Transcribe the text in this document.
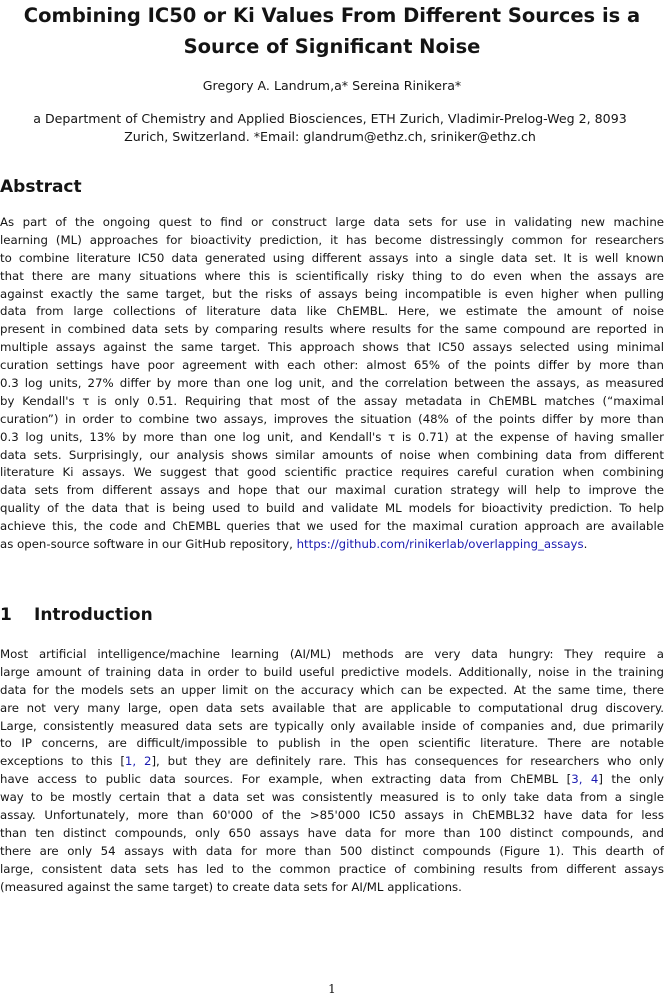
Combining IC50 or Ki Values From Different Sources is a
Source of Significant Noise
Gregory A. Landrum,a* Sereina Rinikera*
a Department of Chemistry and Applied Biosciences, ETH Zurich, Vladimir-Prelog-Weg 2, 8093
Zurich, Switzerland. *Email: glandrum@ethz.ch, sriniker@ethz.ch
Abstract
As part of the ongoing quest to find or construct large data sets for use in validating new machine
learning (ML) approaches for bioactivity prediction, it has become distressingly common for researchers
to combine literature IC50 data generated using different assays into a single data set. It is well known
that there are many situations where this is scientifically risky thing to do even when the assays are
against exactly the same target, but the risks of assays being incompatible is even higher when pulling
data from large collections of literature data like ChEMBL. Here, we estimate the amount of noise
present in combined data sets by comparing results where results for the same compound are reported in
multiple assays against the same target. This approach shows that IC50 assays selected using minimal
curation settings have poor agreement with each other: almost 65% of the points differ by more than
0.3 log units, 27% differ by more than one log unit, and the correlation between the assays, as measured
by Kendall's τ is only 0.51. Requiring that most of the assay metadata in ChEMBL matches (“maximal
curation”) in order to combine two assays, improves the situation (48% of the points differ by more than
0.3 log units, 13% by more than one log unit, and Kendall's τ is 0.71) at the expense of having smaller
data sets. Surprisingly, our analysis shows similar amounts of noise when combining data from different
literature Ki assays. We suggest that good scientific practice requires careful curation when combining
data sets from different assays and hope that our maximal curation strategy will help to improve the
quality of the data that is being used to build and validate ML models for bioactivity prediction. To help
achieve this, the code and ChEMBL queries that we used for the maximal curation approach are available
as open-source software in our GitHub repository, https://github.com/rinikerlab/overlapping_assays.
1 Introduction
Most artificial intelligence/machine learning (AI/ML) methods are very data hungry: They require a
large amount of training data in order to build useful predictive models. Additionally, noise in the training
data for the models sets an upper limit on the accuracy which can be expected. At the same time, there
are not very many large, open data sets available that are applicable to computational drug discovery.
Large, consistently measured data sets are typically only available inside of companies and, due primarily
to IP concerns, are difficult/impossible to publish in the open scientific literature. There are notable
exceptions to this [1, 2], but they are definitely rare. This has consequences for researchers who only
have access to public data sources. For example, when extracting data from ChEMBL [3, 4] the only
way to be mostly certain that a data set was consistently measured is to only take data from a single
assay. Unfortunately, more than 60'000 of the >85'000 IC50 assays in ChEMBL32 have data for less
than ten distinct compounds, only 650 assays have data for more than 100 distinct compounds, and
there are only 54 assays with data for more than 500 distinct compounds (Figure 1). This dearth of
large, consistent data sets has led to the common practice of combining results from different assays
(measured against the same target) to create data sets for AI/ML applications.
1
